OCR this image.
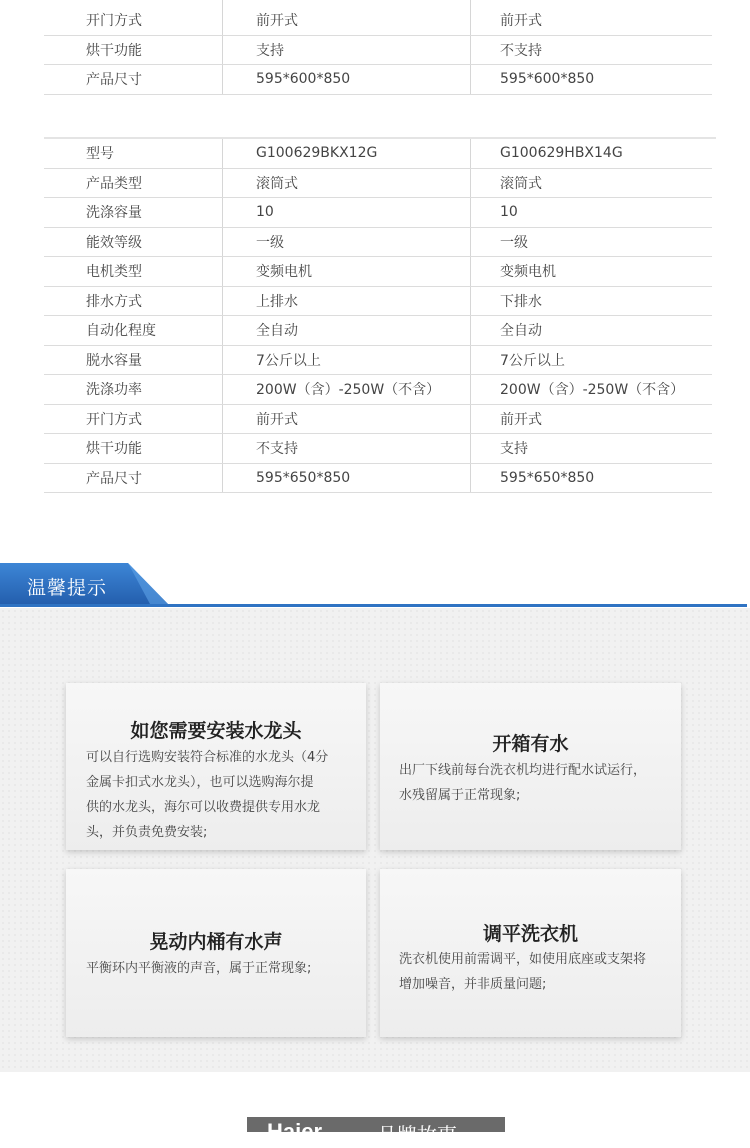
开门方式	前开式	前开式
烘干功能	支持	不支持
产品尺寸	595*600*850	595*600*850
型号	G100629BKX12G	G100629HBX14G
产品类型	滚筒式	滚筒式
洗涤容量	10	10
能效等级	一级	一级
电机类型	变频电机	变频电机
排水方式	上排水	下排水
自动化程度	全自动	全自动
脱水容量	7公斤以上	7公斤以上
洗涤功率	200W（含）-250W（不含）	200W（含）-250W（不含）
开门方式	前开式	前开式
烘干功能	不支持	支持
产品尺寸	595*650*850	595*650*850
温馨提示
如您需要安装水龙头
可以自行选购安装符合标准的水龙头（4分
金属卡扣式水龙头），也可以选购海尔提
供的水龙头，海尔可以收费提供专用水龙
头，并负责免费安装;
开箱有水
出厂下线前每台洗衣机均进行配水试运行，
水残留属于正常现象;
晃动内桶有水声
平衡环内平衡液的声音，属于正常现象;
调平洗衣机
洗衣机使用前需调平，如使用底座或支架将
增加噪音，并非质量问题;
Haier	品牌故事
